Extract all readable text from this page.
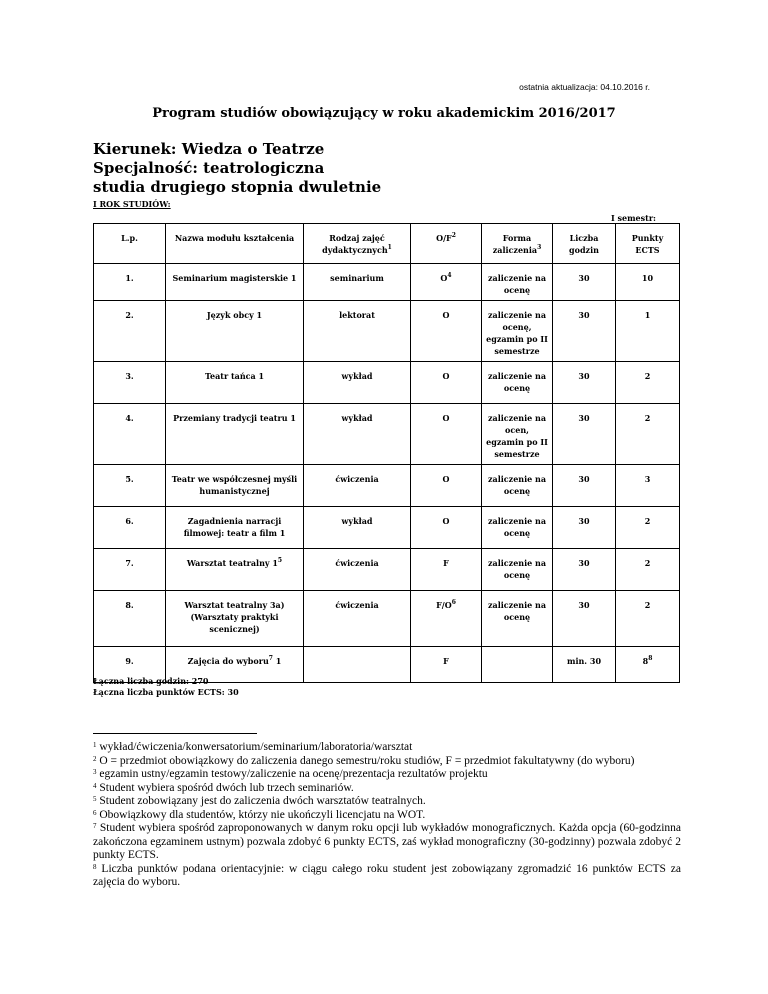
ostatnia aktualizacja: 04.10.2016 r.
Program studiów obowiązujący w roku akademickim 2016/2017
Kierunek: Wiedza o Teatrze
Specjalność: teatrologiczna
studia drugiego stopnia dwuletnie
I ROK STUDIÓW:
I semestr:
L.p.	Nazwa modułu kształcenia	Rodzaj zajęć dydaktycznych$^1$	$O/F^2$	Forma zaliczenia$^3$	Liczba godzin	Punkty ECTS
1.	Seminarium magisterskie 1	seminarium	$O^4$	zaliczenie na ocenę	30	10
2.	Język obcy 1	lektorat	O	zaliczenie na ocenę, egzamin po II semestrze	30	1
3.	Teatr tańca 1	wykład	O	zaliczenie na ocenę	30	2
4.	Przemiany tradycji teatru 1	wykład	O	zaliczenie na ocen, egzamin po II semestrze	30	2
5.	Teatr we współczesnej myśli humanistycznej	ćwiczenia	O	zaliczenie na ocenę	30	3
6.	Zagadnienia narracji filmowej: teatr a film 1	wykład	O	zaliczenie na ocenę	30	2
7.	Warsztat teatralny $1^5$	ćwiczenia	F	zaliczenie na ocenę	30	2
8.	Warsztat teatralny 3a) (Warsztaty praktyki scenicznej)	ćwiczenia	$F/O^6$	zaliczenie na ocenę	30	2
9.	Zajęcia do wyboru$^7$ 1		F		min. 30	$8^8$
Łączna liczba godzin: 270
Łączna liczba punktów ECTS: 30

$^1$ wykład/ćwiczenia/konwersatorium/seminarium/laboratoria/warsztat

$^2$ O = przedmiot obowiązkowy do zaliczenia danego semestru/roku studiów, F = przedmiot fakultatywny (do wyboru)

$^3$ egzamin ustny/egzamin testowy/zaliczenie na ocenę/prezentacja rezultatów projektu

$^4$ Student wybiera spośród dwóch lub trzech seminariów.

$^5$ Student zobowiązany jest do zaliczenia dwóch warsztatów teatralnych.

$^6$ Obowiązkowy dla studentów, którzy nie ukończyli licencjatu na WOT.

$^7$ Student wybiera spośród zaproponowanych w danym roku opcji lub wykładów monograficznych. Każda opcja (60-godzinna zakończona egzaminem ustnym) pozwala zdobyć 6 punkty ECTS, zaś wykład monograficzny (30-godzinny) pozwala zdobyć 2 punkty ECTS.

$^8$ Liczba punktów podana orientacyjnie: w ciągu całego roku student jest zobowiązany zgromadzić 16 punktów ECTS za zajęcia do wyboru.
